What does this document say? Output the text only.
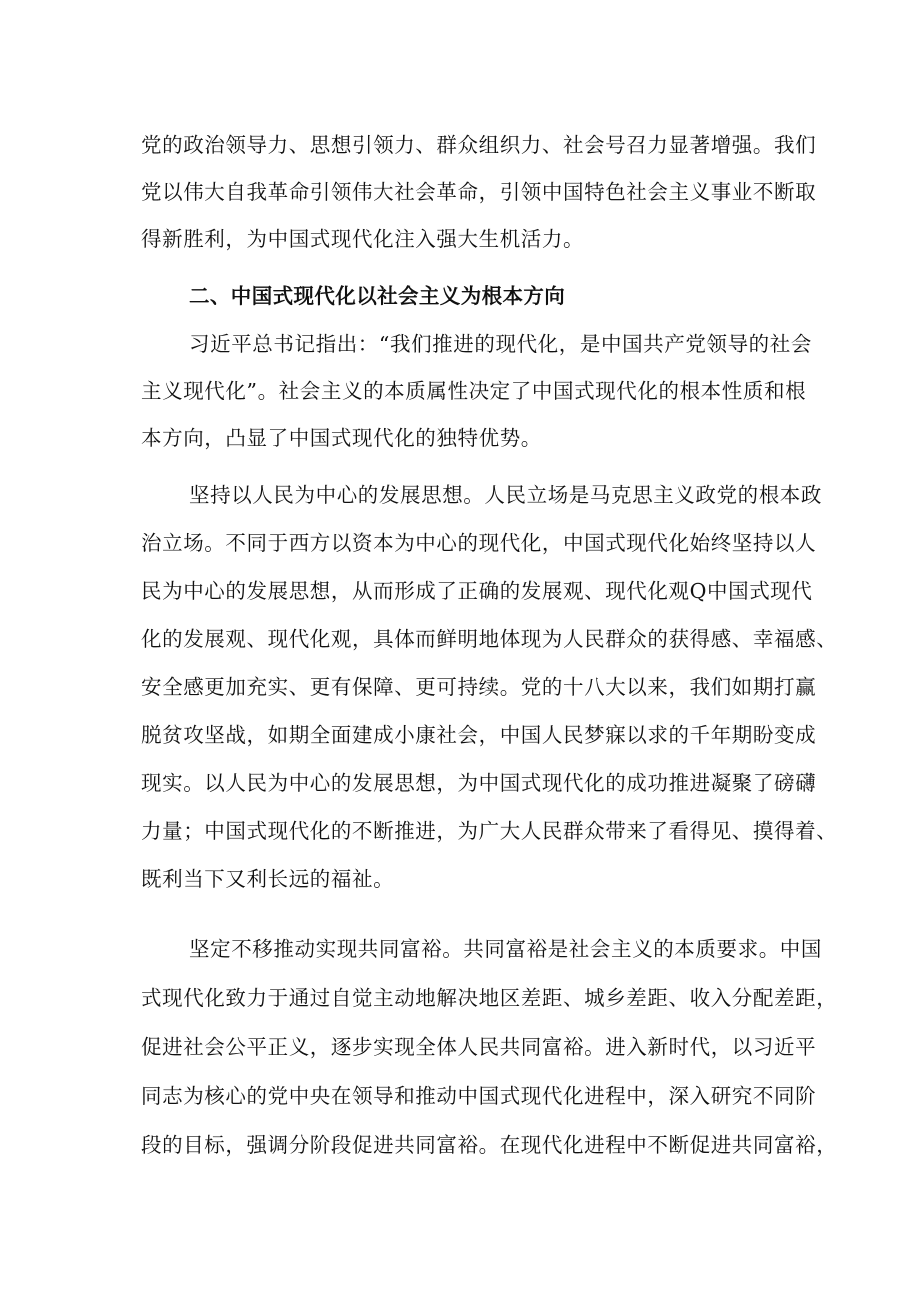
党的政治领导力、思想引领力、群众组织力、社会号召力显著增强。我们
党以伟大自我革命引领伟大社会革命，引领中国特色社会主义事业不断取
得新胜利，为中国式现代化注入强大生机活力。
二、中国式现代化以社会主义为根本方向
习近平总书记指出：“我们推进的现代化，是中国共产党领导的社会
主义现代化”。社会主义的本质属性决定了中国式现代化的根本性质和根
本方向，凸显了中国式现代化的独特优势。
坚持以人民为中心的发展思想。人民立场是马克思主义政党的根本政
治立场。不同于西方以资本为中心的现代化，中国式现代化始终坚持以人
民为中心的发展思想，从而形成了正确的发展观、现代化观Q中国式现代
化的发展观、现代化观，具体而鲜明地体现为人民群众的获得感、幸福感、
安全感更加充实、更有保障、更可持续。党的十八大以来，我们如期打赢
脱贫攻坚战，如期全面建成小康社会，中国人民梦寐以求的千年期盼变成
现实。以人民为中心的发展思想，为中国式现代化的成功推进凝聚了磅礴
力量；中国式现代化的不断推进，为广大人民群众带来了看得见、摸得着、
既利当下又利长远的福祉。
坚定不移推动实现共同富裕。共同富裕是社会主义的本质要求。中国
式现代化致力于通过自觉主动地解决地区差距、城乡差距、收入分配差距，
促进社会公平正义，逐步实现全体人民共同富裕。进入新时代，以习近平
同志为核心的党中央在领导和推动中国式现代化进程中，深入研究不同阶
段的目标，强调分阶段促进共同富裕。在现代化进程中不断促进共同富裕，
